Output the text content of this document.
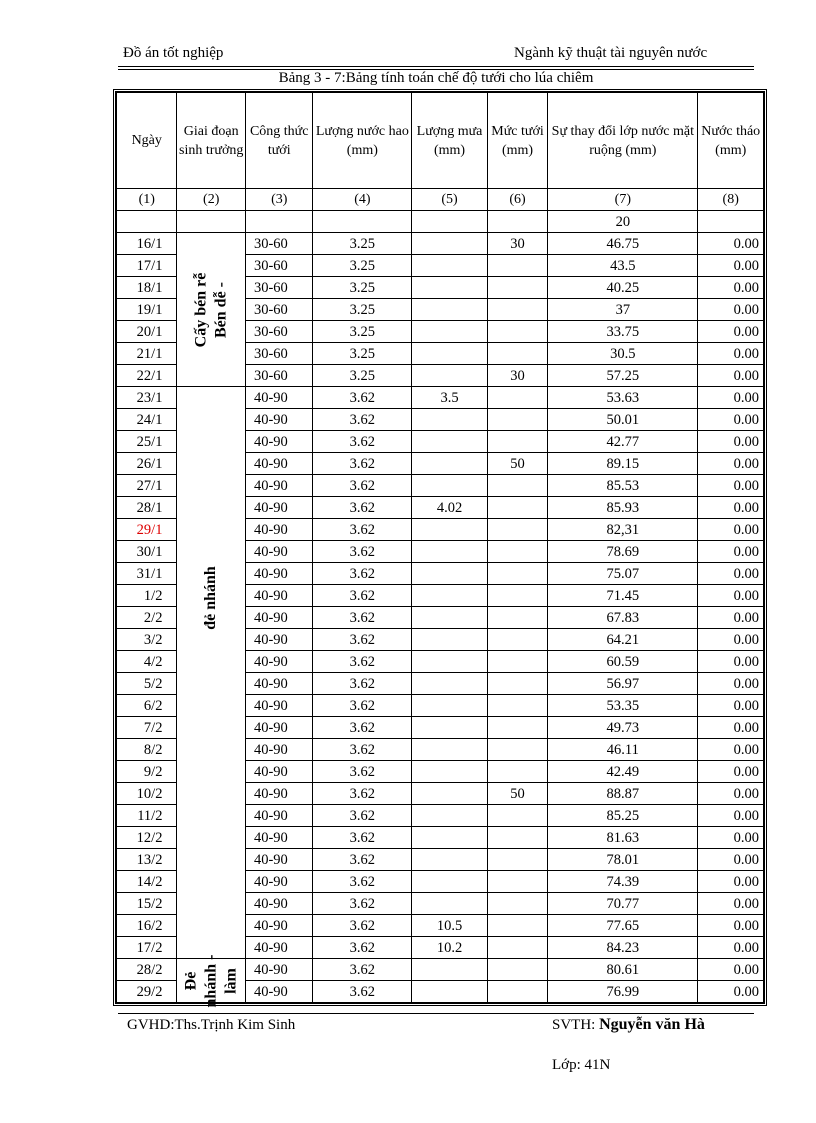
Đồ án tốt nghiệp	Ngành kỹ thuật tài nguyên nước
Bảng 3 - 7:Bảng tính toán chế độ tưới cho lúa chiêm
Ngày	Giai đoạn sinh trưởng	Công thức tưới	Lượng nước hao (mm)	Lượng mưa (mm)	Mức tưới (mm)	Sự thay đổi lớp nước mặt ruộng (mm)	Nước tháo (mm)
(1)	(2)	(3)	(4)	(5)	(6)	(7)	(8)
						20	
16/1	Cấy bén rễ Bén dễ -	30-60	3.25		30	46.75	0.00
17/1		30-60	3.25			43.5	0.00
18/1		30-60	3.25			40.25	0.00
19/1		30-60	3.25			37	0.00
20/1		30-60	3.25			33.75	0.00
21/1		30-60	3.25			30.5	0.00
22/1		30-60	3.25		30	57.25	0.00
23/1	đẻ nhánh	40-90	3.62	3.5		53.63	0.00
24/1		40-90	3.62			50.01	0.00
25/1		40-90	3.62			42.77	0.00
26/1		40-90	3.62		50	89.15	0.00
27/1		40-90	3.62			85.53	0.00
28/1		40-90	3.62	4.02		85.93	0.00
29/1		40-90	3.62			82,31	0.00
30/1		40-90	3.62			78.69	0.00
31/1		40-90	3.62			75.07	0.00
1/2		40-90	3.62			71.45	0.00
2/2		40-90	3.62			67.83	0.00
3/2		40-90	3.62			64.21	0.00
4/2		40-90	3.62			60.59	0.00
5/2		40-90	3.62			56.97	0.00
6/2		40-90	3.62			53.35	0.00
7/2		40-90	3.62			49.73	0.00
8/2		40-90	3.62			46.11	0.00
9/2		40-90	3.62			42.49	0.00
10/2		40-90	3.62		50	88.87	0.00
11/2		40-90	3.62			85.25	0.00
12/2		40-90	3.62			81.63	0.00
13/2		40-90	3.62			78.01	0.00
14/2		40-90	3.62			74.39	0.00
15/2		40-90	3.62			70.77	0.00
16/2		40-90	3.62	10.5		77.65	0.00
17/2		40-90	3.62	10.2		84.23	0.00
28/2	Đẻ nhánh - làm	40-90	3.62			80.61	0.00
29/2		40-90	3.62			76.99	0.00
GVHD:Ths.Trịnh Kim Sinh	SVTH: Nguyễn văn Hà
Lớp: 41N
